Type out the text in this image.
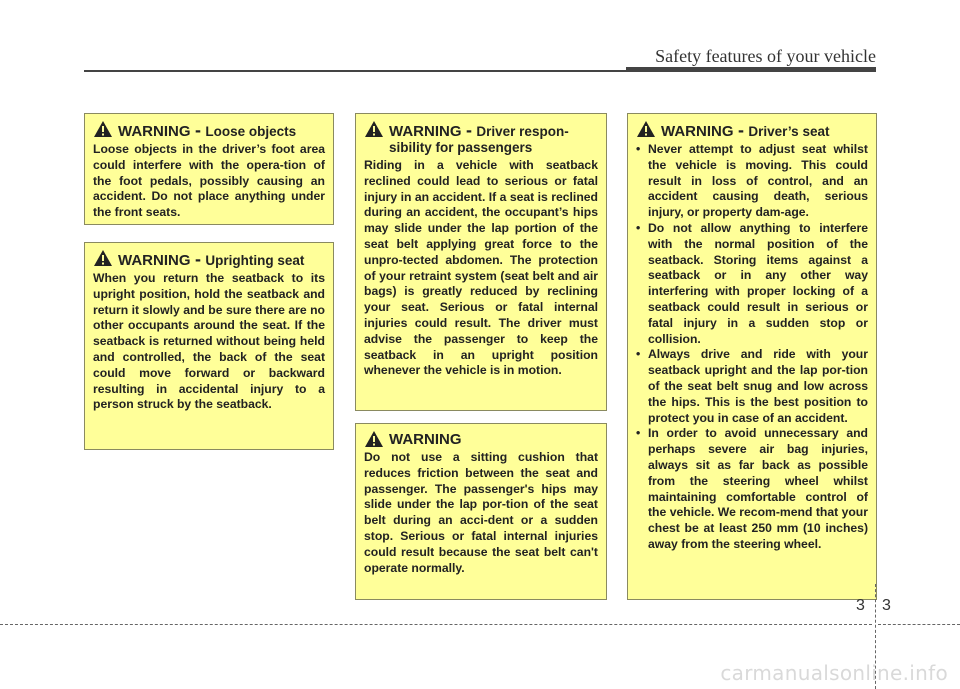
Safety features of your vehicle
WARNING - Loose objects
Loose objects in the driver’s foot area could interfere with the opera-tion of the foot pedals, possibly causing an accident. Do not place anything under the front seats.
WARNING - Uprighting seat
When you return the seatback to its upright position, hold the seatback and return it slowly and be sure there are no other occupants around the seat. If the seatback is returned without being held and controlled, the back of the seat could move forward or backward resulting in accidental injury to a person struck by the seatback.
WARNING - Driver respon-sibility for passengers
Riding in a vehicle with seatback reclined could lead to serious or fatal injury in an accident. If a seat is reclined during an accident, the occupant’s hips may slide under the lap portion of the seat belt applying great force to the unpro-tected abdomen. The protection of your retraint system (seat belt and air bags) is greatly reduced by reclining your seat. Serious or fatal internal injuries could result. The driver must advise the passenger to keep the seatback in an upright position whenever the vehicle is in motion.
WARNING
Do not use a sitting cushion that reduces friction between the seat and passenger. The passenger's hips may slide under the lap por-tion of the seat belt during an acci-dent or a sudden stop. Serious or fatal internal injuries could result because the seat belt can't operate normally.
WARNING - Driver’s seat
• Never attempt to adjust seat whilst the vehicle is moving. This could result in loss of control, and an accident causing death, serious injury, or property dam-age.
• Do not allow anything to interfere with the normal position of the seatback. Storing items against a seatback or in any other way interfering with proper locking of a seatback could result in serious or fatal injury in a sudden stop or collision.
• Always drive and ride with your seatback upright and the lap por-tion of the seat belt snug and low across the hips. This is the best position to protect you in case of an accident.
• In order to avoid unnecessary and perhaps severe air bag injuries, always sit as far back as possible from the steering wheel whilst maintaining comfortable control of the vehicle. We recom-mend that your chest be at least 250 mm (10 inches) away from the steering wheel.
3 3
carmanualsonline.info
